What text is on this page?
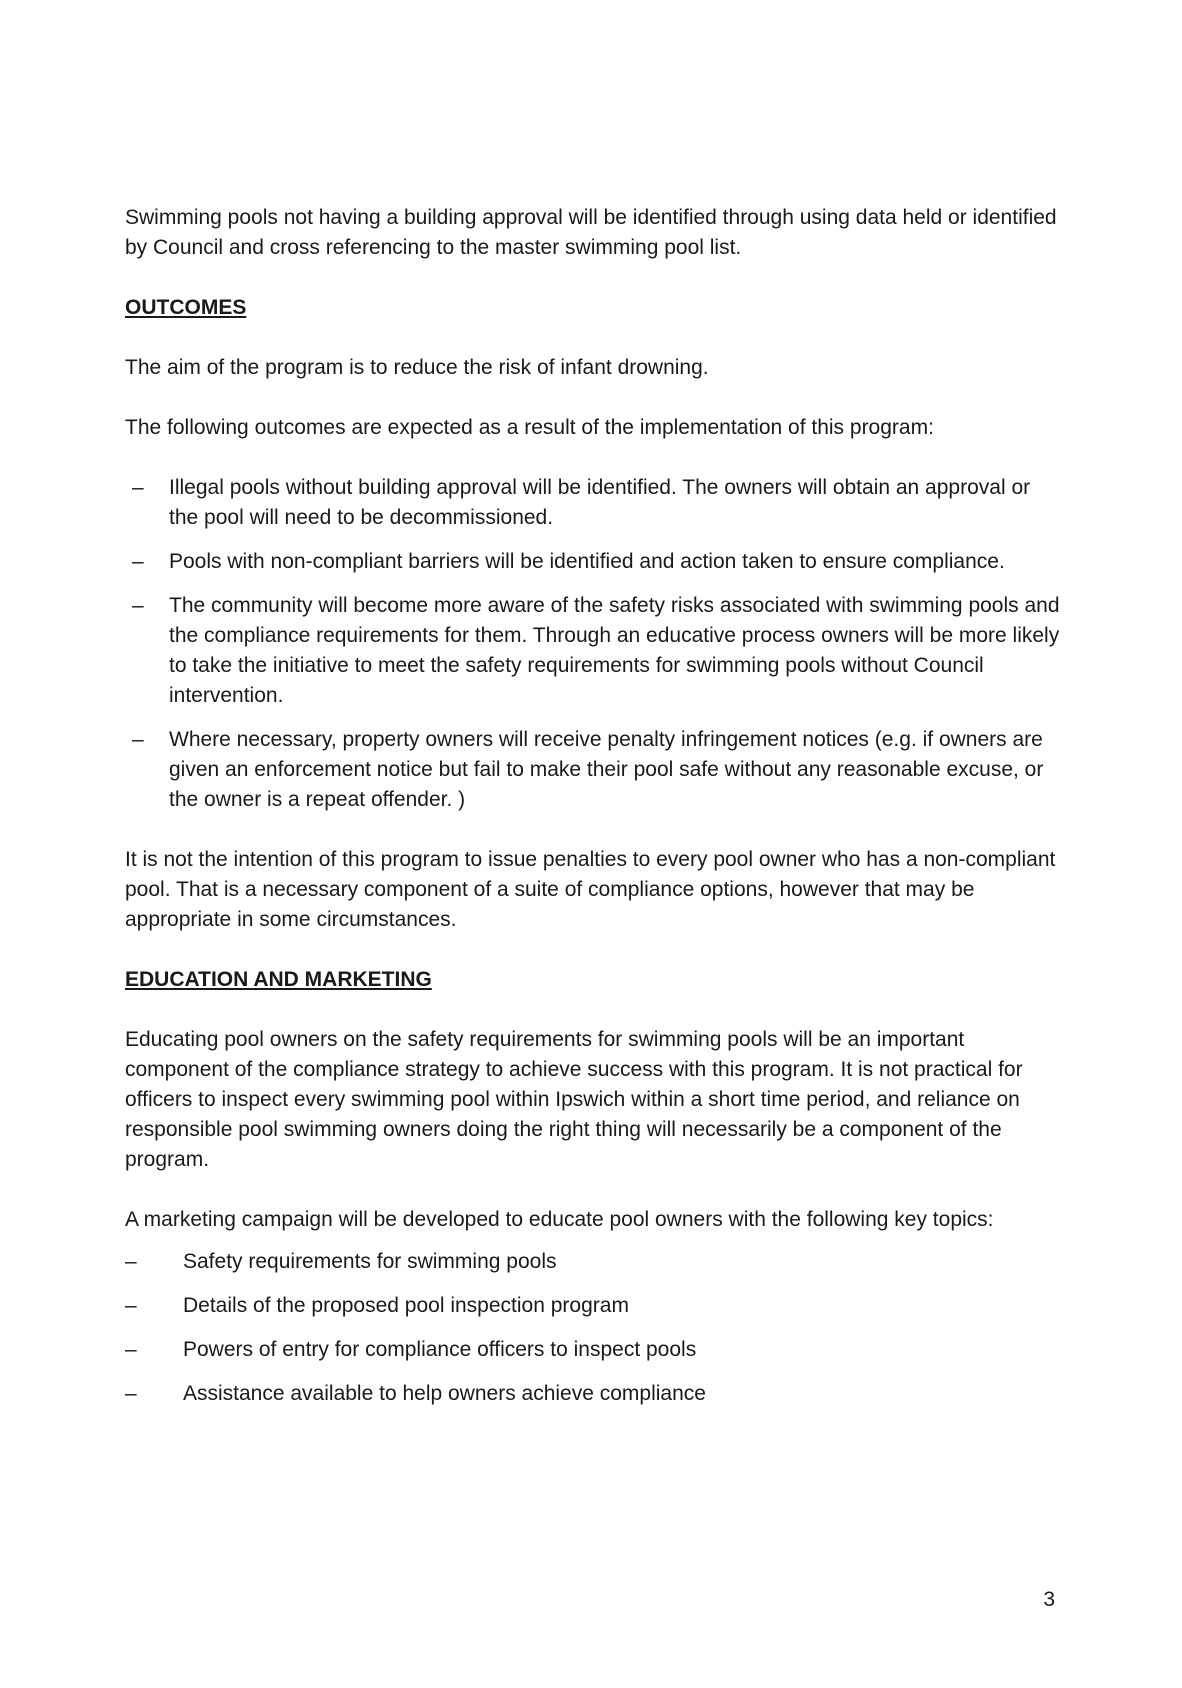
Swimming pools not having a building approval will be identified through using data held or identified by Council and cross referencing to the master swimming pool list.

OUTCOMES

The aim of the program is to reduce the risk of infant drowning.

The following outcomes are expected as a result of the implementation of this program:

– Illegal pools without building approval will be identified. The owners will obtain an approval or the pool will need to be decommissioned.
– Pools with non-compliant barriers will be identified and action taken to ensure compliance.
– The community will become more aware of the safety risks associated with swimming pools and the compliance requirements for them. Through an educative process owners will be more likely to take the initiative to meet the safety requirements for swimming pools without Council intervention.
– Where necessary, property owners will receive penalty infringement notices (e.g. if owners are given an enforcement notice but fail to make their pool safe without any reasonable excuse, or the owner is a repeat offender. )

It is not the intention of this program to issue penalties to every pool owner who has a non-compliant pool. That is a necessary component of a suite of compliance options, however that may be appropriate in some circumstances.

EDUCATION AND MARKETING

Educating pool owners on the safety requirements for swimming pools will be an important component of the compliance strategy to achieve success with this program. It is not practical for officers to inspect every swimming pool within Ipswich within a short time period, and reliance on responsible pool swimming owners doing the right thing will necessarily be a component of the program.

A marketing campaign will be developed to educate pool owners with the following key topics:

– Safety requirements for swimming pools
– Details of the proposed pool inspection program
– Powers of entry for compliance officers to inspect pools
– Assistance available to help owners achieve compliance
3
